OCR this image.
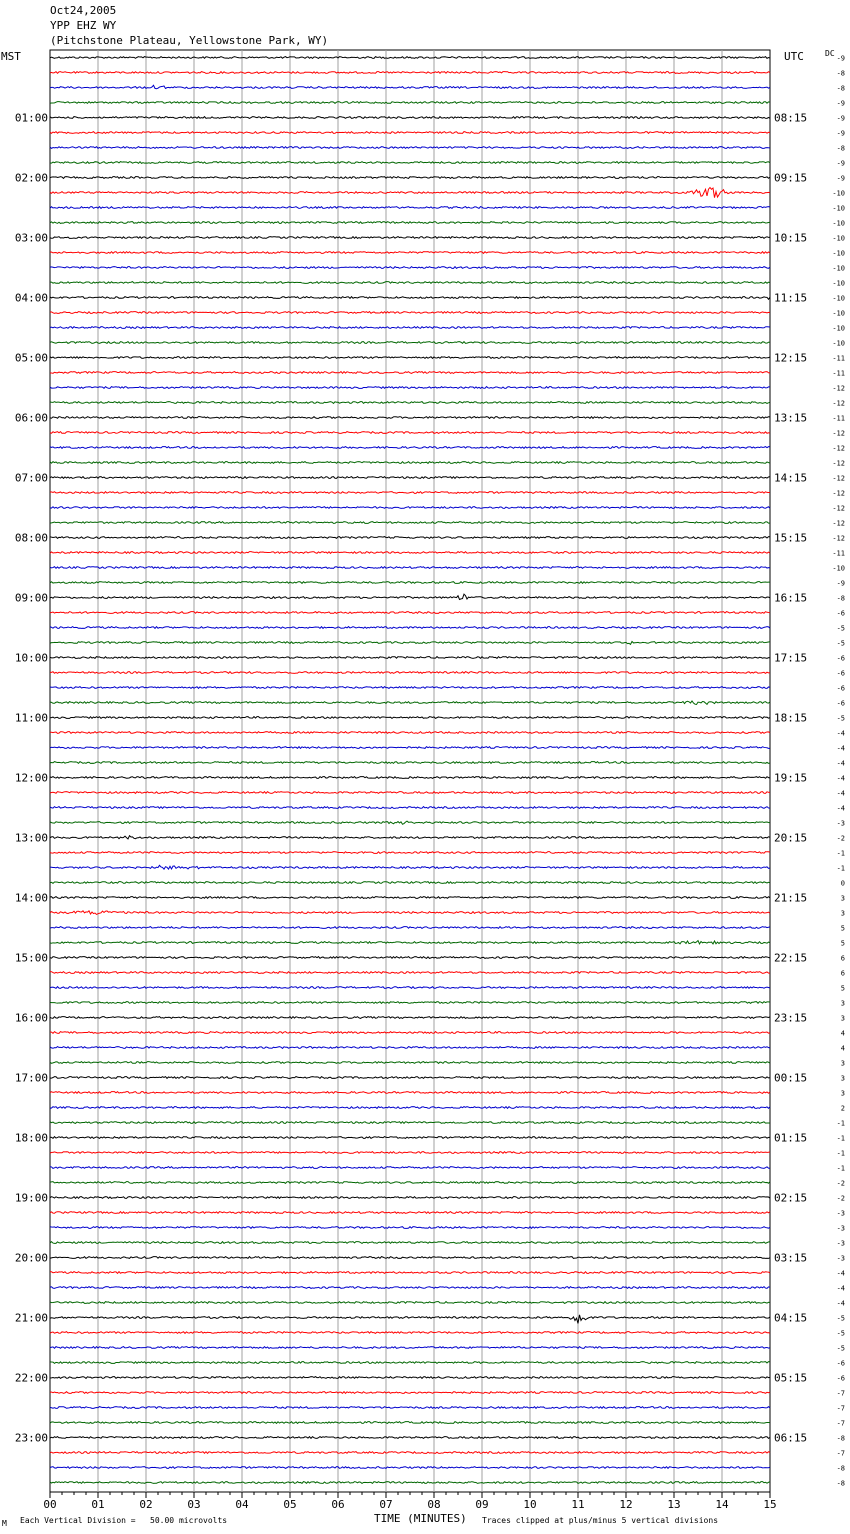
Oct24,2005
YPP EHZ WY
(Pitchstone Plateau, Yellowstone Park, WY)
MST	UTC	DC
00	01	02	03	04	05	06	07	08	09	10	11	12	13	14	15
-9
-8
-8
-9
-9
01:00	08:15
-9
-8
-9
-9
02:00	09:15
-10
-10
-10
-10
03:00	10:15
-10
-10
-10
-10
04:00	11:15
-10
-10
-10
-11
05:00	12:15
-11
-12
-12
-11
06:00	13:15
-12
-12
-12
-12
07:00	14:15
-12
-12
-12
-12
08:00	15:15
-11
-10
-9
-8
09:00	16:15
-6
-5
-5
-6
10:00	17:15
-6
-6
-6
-5
11:00	18:15
-4
-4
-4
-4
12:00	19:15
-4
-4
-3
-2
13:00	20:15
-1
-1
0
3
14:00	21:15
3
5
5
6
15:00	22:15
6
5
3
3
16:00	23:15
4
4
3
3
17:00	00:15
3
2
-1
-1
18:00	01:15
-1
-1
-2
-2
19:00	02:15
-3
-3
-3
-3
20:00	03:15
-4
-4
-4
-5
21:00	04:15
-5
-5
-6
-6
22:00	05:15
-7
-7
-7
-8
23:00	06:15
-7
-8
-8
M Each Vertical Division =   50.00 microvolts	TIME (MINUTES) Traces clipped at plus/minus 5 vertical divisions
